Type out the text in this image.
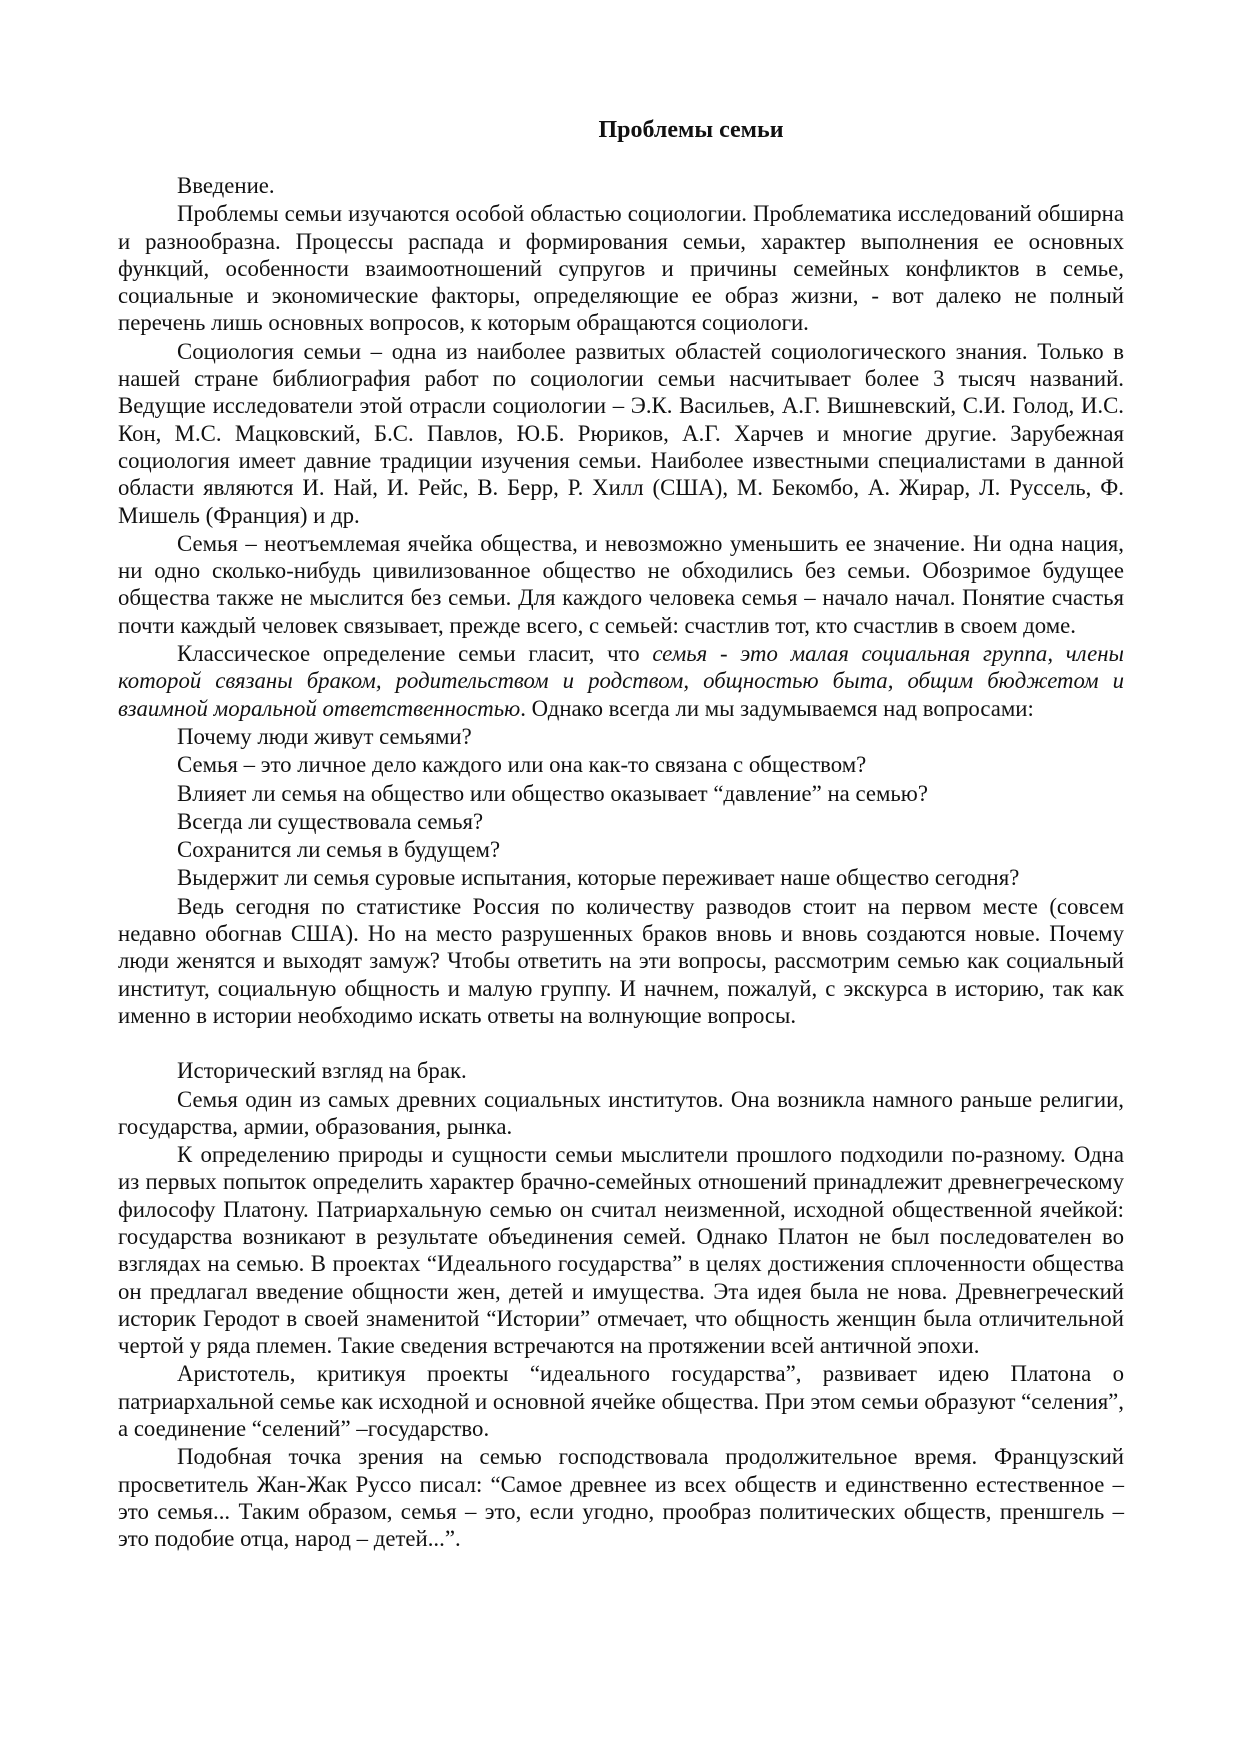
Проблемы семьи

Введение.

Проблемы семьи изучаются особой областью социологии. Проблематика исследований обширна и разнообразна. Процессы распада и формирования семьи, характер выполнения ее основных функций, особенности взаимоотношений супругов и причины семейных конфликтов в семье, социальные и экономические факторы, определяющие ее образ жизни, - вот далеко не полный перечень лишь основных вопросов, к которым обращаются социологи.

Социология семьи – одна из наиболее развитых областей социологического знания. Только в нашей стране библиография работ по социологии семьи насчитывает более 3 тысяч названий. Ведущие исследователи этой отрасли социологии – Э.К. Васильев, А.Г. Вишневский, С.И. Голод, И.С. Кон, М.С. Мацковский, Б.С. Павлов, Ю.Б. Рюриков, А.Г. Харчев и многие другие. Зарубежная социология имеет давние традиции изучения семьи. Наиболее известными специалистами в данной области являются И. Най, И. Рейс, В. Берр, Р. Хилл (США), М. Бекомбо, А. Жирар, Л. Руссель, Ф. Мишель (Франция) и др.

Семья – неотъемлемая ячейка общества, и невозможно уменьшить ее значение. Ни одна нация, ни одно сколько-нибудь цивилизованное общество не обходились без семьи. Обозримое будущее общества также не мыслится без семьи. Для каждого человека семья – начало начал. Понятие счастья почти каждый человек связывает, прежде всего, с семьей: счастлив тот, кто счастлив в своем доме.

Классическое определение семьи гласит, что семья - это малая социальная группа, члены которой связаны браком, родительством и родством, общностью быта, общим бюджетом и взаимной моральной ответственностью. Однако всегда ли мы задумываемся над вопросами:

Почему люди живут семьями?

Семья – это личное дело каждого или она как-то связана с обществом?

Влияет ли семья на общество или общество оказывает “давление” на семью?

Всегда ли существовала семья?

Сохранится ли семья в будущем?

Выдержит ли семья суровые испытания, которые переживает наше общество сегодня?

Ведь сегодня по статистике Россия по количеству разводов стоит на первом месте (совсем недавно обогнав США). Но на место разрушенных браков вновь и вновь создаются новые. Почему люди женятся и выходят замуж? Чтобы ответить на эти вопросы, рассмотрим семью как социальный институт, социальную общность и малую группу. И начнем, пожалуй, с экскурса в историю, так как именно в истории необходимо искать ответы на волнующие вопросы.

Исторический взгляд на брак.

Семья один из самых древних социальных институтов. Она возникла намного раньше религии, государства, армии, образования, рынка.

К определению природы и сущности семьи мыслители прошлого подходили по-разному. Одна из первых попыток определить характер брачно-семейных отношений принадлежит древнегреческому философу Платону. Патриархальную семью он считал неизменной, исходной общественной ячейкой: государства возникают в результате объединения семей. Однако Платон не был последователен во взглядах на семью. В проектах “Идеального государства” в целях достижения сплоченности общества он предлагал введение общности жен, детей и имущества. Эта идея была не нова. Древнегреческий историк Геродот в своей знаменитой “Истории” отмечает, что общность женщин была отличительной чертой у ряда племен. Такие сведения встречаются на протяжении всей античной эпохи.

Аристотель, критикуя проекты “идеального государства”, развивает идею Платона о патриархальной семье как исходной и основной ячейке общества. При этом семьи образуют “селения”, а соединение “селений” –государство.

Подобная точка зрения на семью господствовала продолжительное время. Французский просветитель Жан-Жак Руссо писал: “Самое древнее из всех обществ и единственно естественное – это семья... Таким образом, семья – это, если угодно, прообраз политических обществ, преншгель – это подобие отца, народ – детей...”.
